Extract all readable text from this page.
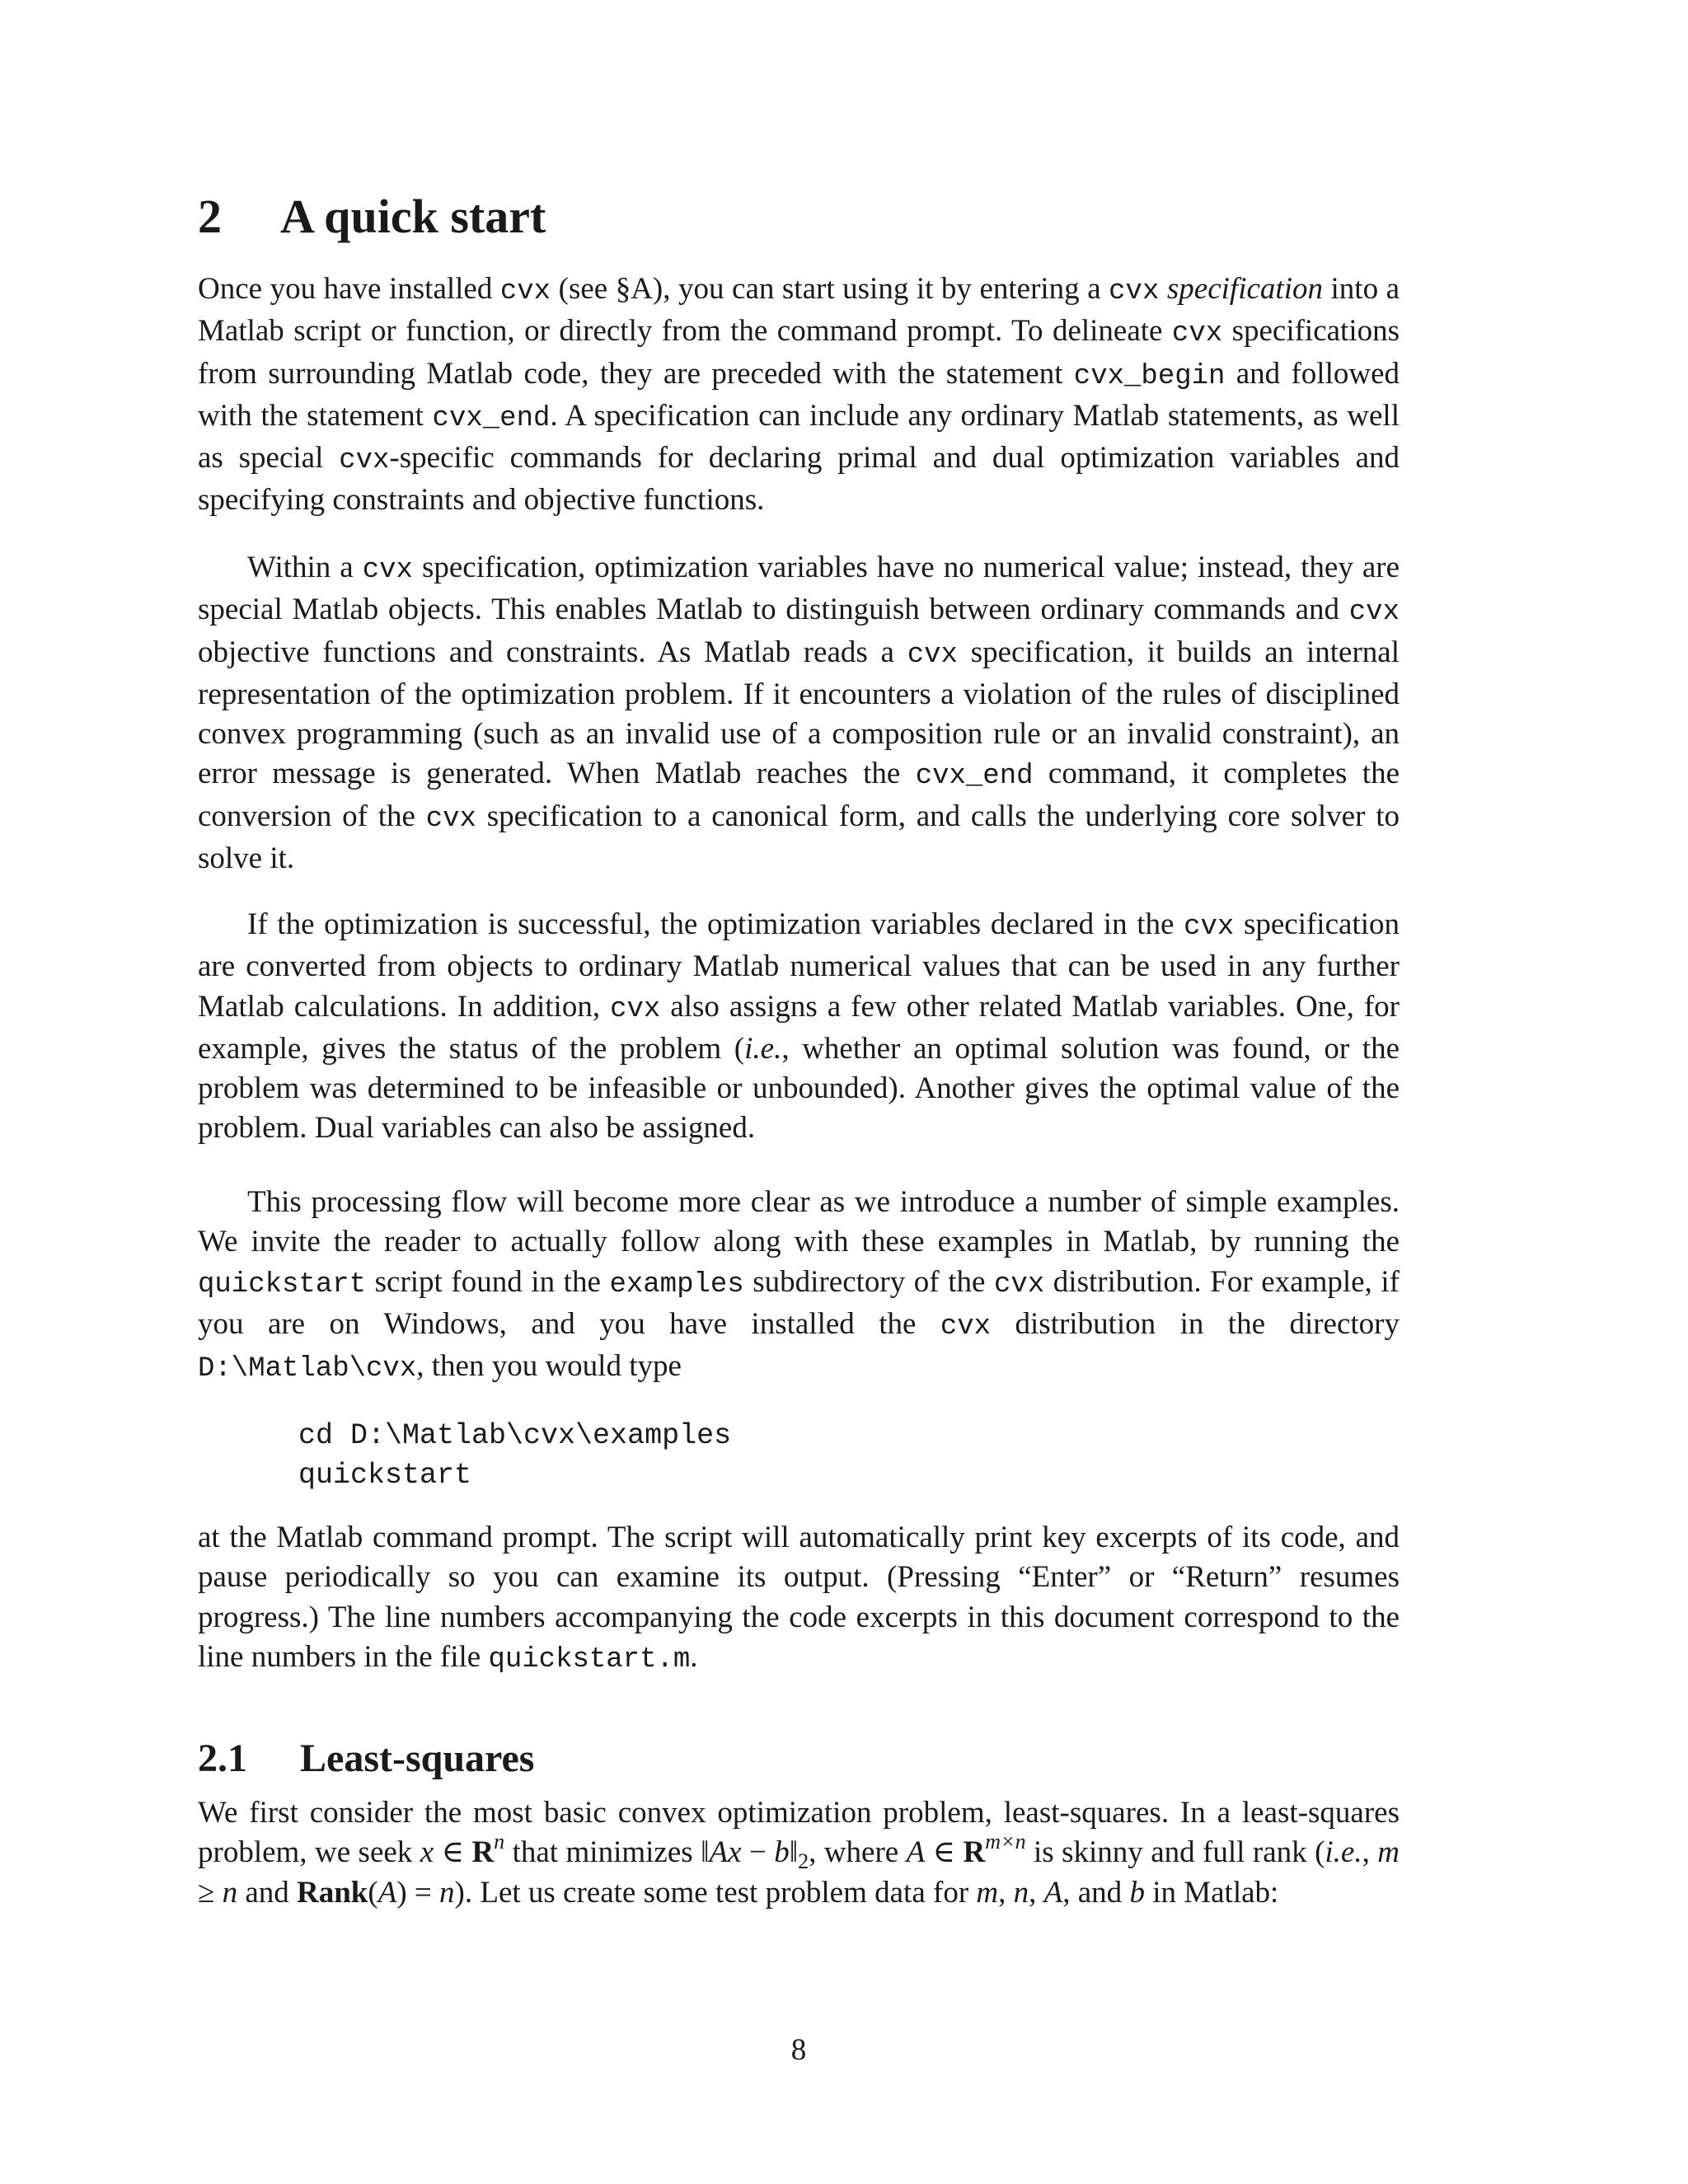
2 A quick start

Once you have installed cvx (see §A), you can start using it by entering a cvx specification into a Matlab script or function, or directly from the command prompt. To delineate cvx specifications from surrounding Matlab code, they are preceded with the statement cvx_begin and followed with the statement cvx_end. A specification can include any ordinary Matlab statements, as well as special cvx-specific commands for declaring primal and dual optimization variables and specifying constraints and objective functions.

Within a cvx specification, optimization variables have no numerical value; instead, they are special Matlab objects. This enables Matlab to distinguish between ordinary commands and cvx objective functions and constraints. As Matlab reads a cvx specification, it builds an internal representation of the optimization problem. If it encounters a violation of the rules of disciplined convex programming (such as an invalid use of a composition rule or an invalid constraint), an error message is generated. When Matlab reaches the cvx_end command, it completes the conversion of the cvx specification to a canonical form, and calls the underlying core solver to solve it.

If the optimization is successful, the optimization variables declared in the cvx specification are converted from objects to ordinary Matlab numerical values that can be used in any further Matlab calculations. In addition, cvx also assigns a few other related Matlab variables. One, for example, gives the status of the problem (i.e., whether an optimal solution was found, or the problem was determined to be infeasible or unbounded). Another gives the optimal value of the problem. Dual variables can also be assigned.

This processing flow will become more clear as we introduce a number of simple examples. We invite the reader to actually follow along with these examples in Matlab, by running the quickstart script found in the examples subdirectory of the cvx distribution. For example, if you are on Windows, and you have installed the cvx distribution in the directory D:\Matlab\cvx, then you would type

cd D:\Matlab\cvx\examples
quickstart

at the Matlab command prompt. The script will automatically print key excerpts of its code, and pause periodically so you can examine its output. (Pressing “Enter” or “Return” resumes progress.) The line numbers accompanying the code excerpts in this document correspond to the line numbers in the file quickstart.m.

2.1 Least-squares

We first consider the most basic convex optimization problem, least-squares. In a least-squares problem, we seek x ∈ $R^n$ that minimizes ‖Ax − $b‖_2$, where A ∈ $R^{m\times n}$ is skinny and full rank (i.e., m ≥ n and Rank(A) = n). Let us create some test problem data for m, n, A, and b in Matlab:

8
